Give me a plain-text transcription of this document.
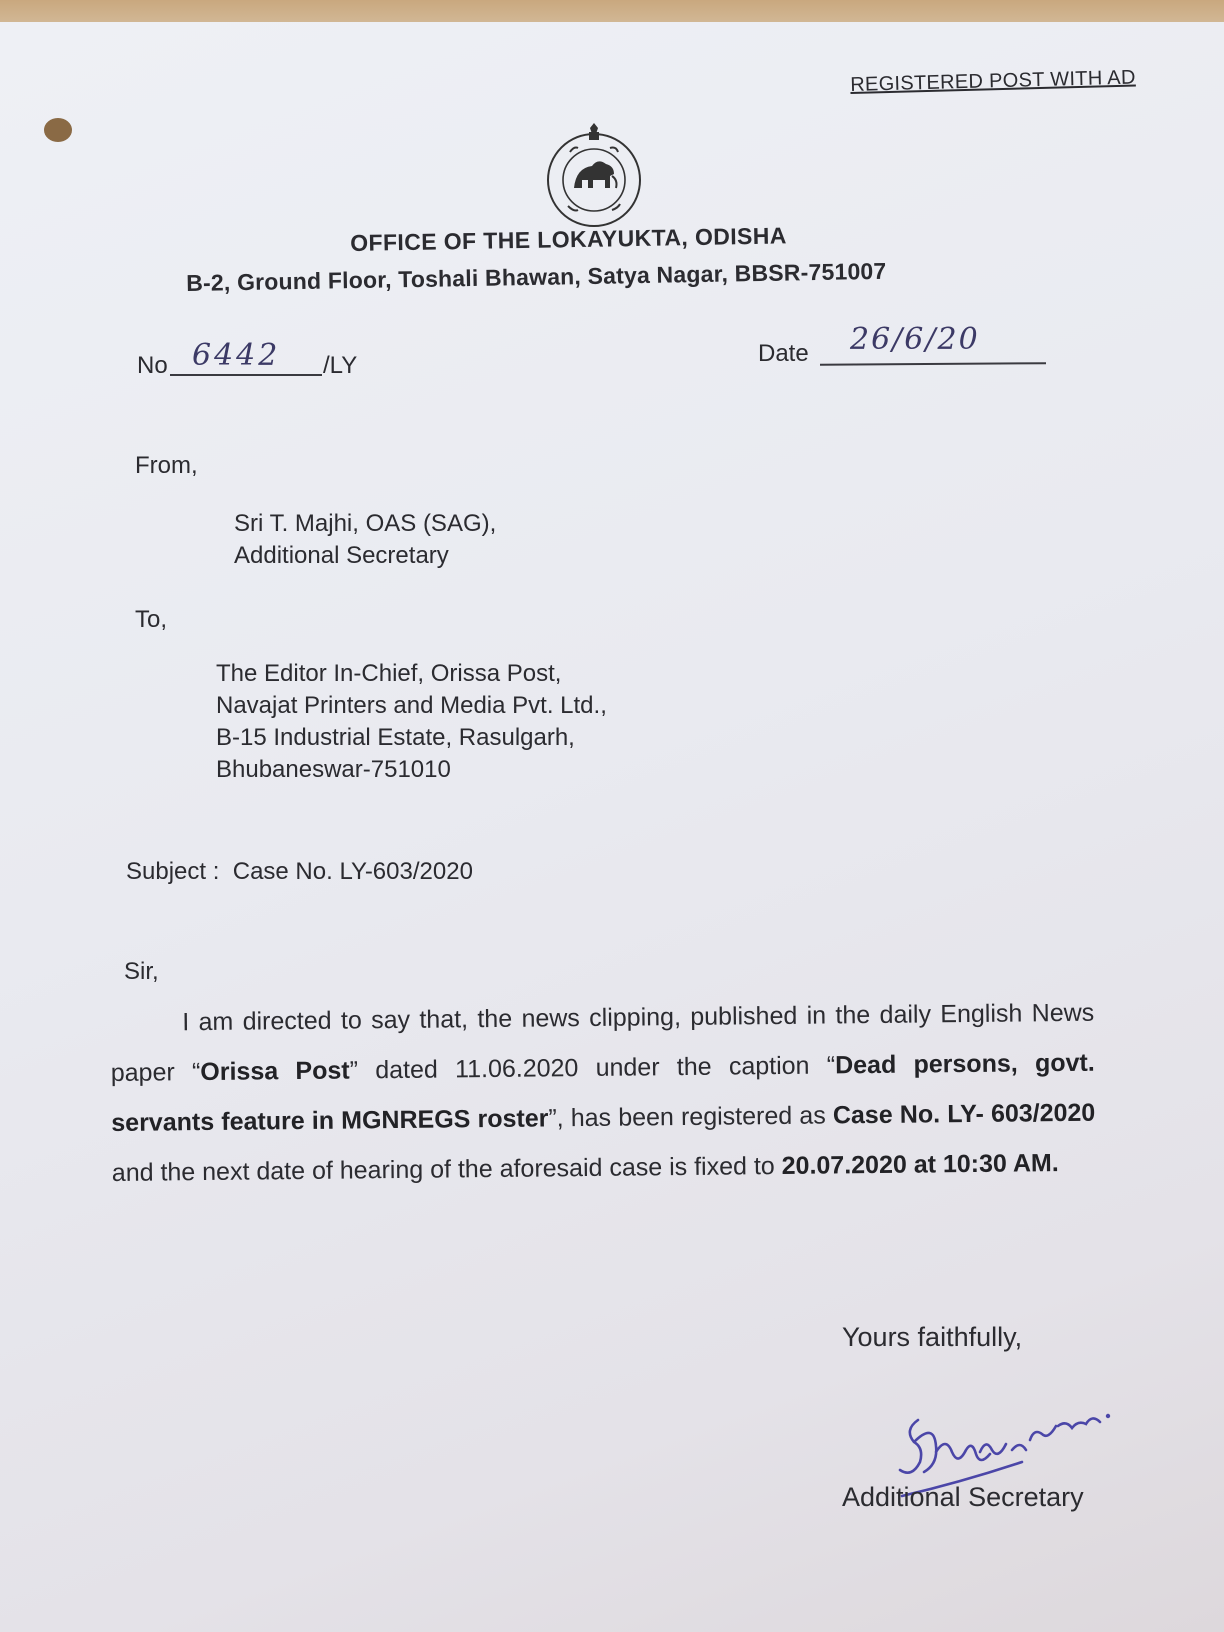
REGISTERED POST WITH AD
OFFICE OF THE LOKAYUKTA, ODISHA
B-2, Ground Floor, Toshali Bhawan, Satya Nagar, BBSR-751007
No 6442 /LY	Date 26/6/20
From,
Sri T. Majhi, OAS (SAG),
Additional Secretary
To,
The Editor In-Chief, Orissa Post,
Navajat Printers and Media Pvt. Ltd.,
B-15 Industrial Estate, Rasulgarh,
Bhubaneswar-751010
Subject : Case No. LY-603/2020
Sir,
I am directed to say that, the news clipping, published in the daily English News paper “Orissa Post” dated 11.06.2020 under the caption “Dead persons, govt. servants feature in MGNREGS roster”, has been registered as Case No. LY- 603/2020 and the next date of hearing of the aforesaid case is fixed to 20.07.2020 at 10:30 AM.
Yours faithfully,
Additional Secretary
